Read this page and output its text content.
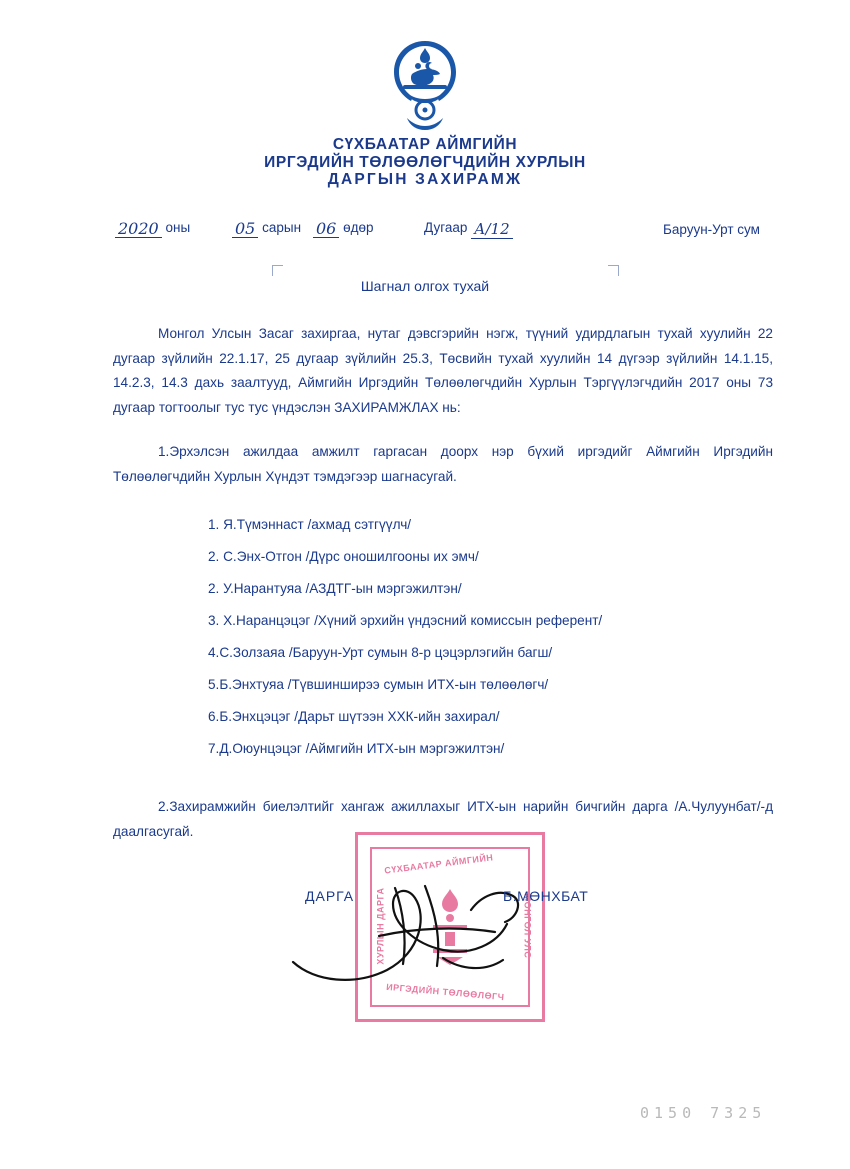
СҮХБААТАР АЙМГИЙН
ИРГЭДИЙН ТӨЛӨӨЛӨГЧДИЙН ХУРЛЫН
ДАРГЫН ЗАХИРАМЖ
2020 оны	05 сарын 06 өдөр	Дугаар А/12	Баруун-Урт сум
Шагнал олгох тухай

Монгол Улсын Засаг захиргаа, нутаг дэвсгэрийн нэгж, түүний удирдлагын тухай хуулийн 22 дугаар зүйлийн 22.1.17, 25 дугаар зүйлийн 25.3, Төсвийн тухай хуулийн 14 дүгээр зүйлийн 14.1.15, 14.2.3, 14.3 дахь заалтууд, Аймгийн Иргэдийн Төлөөлөгчдийн Хурлын Тэргүүлэгчдийн 2017 оны 73 дугаар тогтоолыг тус тус үндэслэн ЗАХИРАМЖЛАХ нь:

1.Эрхэлсэн ажилдаа амжилт гаргасан доорх нэр бүхий иргэдийг Аймгийн Иргэдийн Төлөөлөгчдийн Хурлын Хүндэт тэмдэгээр шагнасугай.

1. Я.Түмэннаст /ахмад сэтгүүлч/
2. С.Энх-Отгон /Дүрс оношилгооны их эмч/
2. У.Нарантуяа /АЗДТГ-ын мэргэжилтэн/
3. Х.Наранцэцэг /Хүний эрхийн үндэсний комиссын референт/
4.С.Золзаяа /Баруун-Урт сумын 8-р цэцэрлэгийн багш/
5.Б.Энхтуяа /Түвшинширээ сумын ИТХ-ын төлөөлөгч/
6.Б.Энхцэцэг /Дарьт шүтээн ХХК-ийн захирал/
7.Д.Оюунцэцэг /Аймгийн ИТХ-ын мэргэжилтэн/

2.Захирамжийн биелэлтийг хангаж ажиллахыг ИТХ-ын нарийн бичгийн дарга /А.Чулуунбат/-д даалгасугай.

СҮХБААТАР АЙМГИЙН
ИРГЭДИЙН ТӨЛӨӨЛӨГЧ
ХУРЛЫН ДАРГА	МОНГОЛ УЛС
ДАРГА	Б.МӨНХБАТ
0150 7325
